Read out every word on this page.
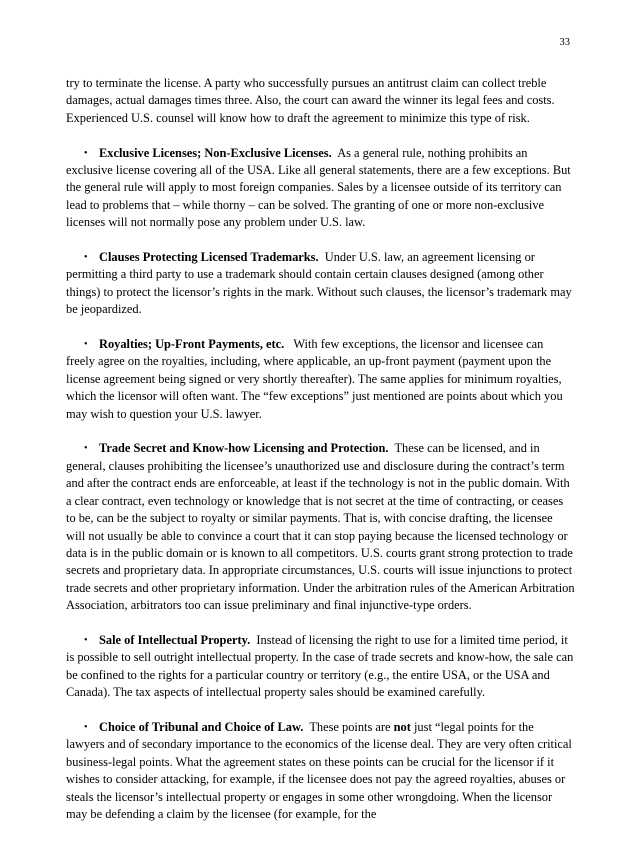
33

try to terminate the license. A party who successfully pursues an antitrust claim can collect treble damages, actual damages times three. Also, the court can award the winner its legal fees and costs. Experienced U.S. counsel will know how to draft the agreement to minimize this type of risk.

• Exclusive Licenses; Non-Exclusive Licenses. As a general rule, nothing prohibits an exclusive license covering all of the USA. Like all general statements, there are a few exceptions. But the general rule will apply to most foreign companies. Sales by a licensee outside of its territory can lead to problems that – while thorny – can be solved. The granting of one or more non-exclusive licenses will not normally pose any problem under U.S. law.

• Clauses Protecting Licensed Trademarks. Under U.S. law, an agreement licensing or permitting a third party to use a trademark should contain certain clauses designed (among other things) to protect the licensor’s rights in the mark. Without such clauses, the licensor’s trademark may be jeopardized.

• Royalties; Up-Front Payments, etc. With few exceptions, the licensor and licensee can freely agree on the royalties, including, where applicable, an up-front payment (payment upon the license agreement being signed or very shortly thereafter). The same applies for minimum royalties, which the licensor will often want. The “few exceptions” just mentioned are points about which you may wish to question your U.S. lawyer.

• Trade Secret and Know-how Licensing and Protection. These can be licensed, and in general, clauses prohibiting the licensee’s unauthorized use and disclosure during the contract’s term and after the contract ends are enforceable, at least if the technology is not in the public domain. With a clear contract, even technology or knowledge that is not secret at the time of contracting, or ceases to be, can be the subject to royalty or similar payments. That is, with concise drafting, the licensee will not usually be able to convince a court that it can stop paying because the licensed technology or data is in the public domain or is known to all competitors. U.S. courts grant strong protection to trade secrets and proprietary data. In appropriate circumstances, U.S. courts will issue injunctions to protect trade secrets and other proprietary information. Under the arbitration rules of the American Arbitration Association, arbitrators too can issue preliminary and final injunctive-type orders.

• Sale of Intellectual Property. Instead of licensing the right to use for a limited time period, it is possible to sell outright intellectual property. In the case of trade secrets and know-how, the sale can be confined to the rights for a particular country or territory (e.g., the entire USA, or the USA and Canada). The tax aspects of intellectual property sales should be examined carefully.

• Choice of Tribunal and Choice of Law. These points are not just “legal points for the lawyers and of secondary importance to the economics of the license deal. They are very often critical business-legal points. What the agreement states on these points can be crucial for the licensor if it wishes to consider attacking, for example, if the licensee does not pay the agreed royalties, abuses or steals the licensor’s intellectual property or engages in some other wrongdoing. When the licensor may be defending a claim by the licensee (for example, for the
